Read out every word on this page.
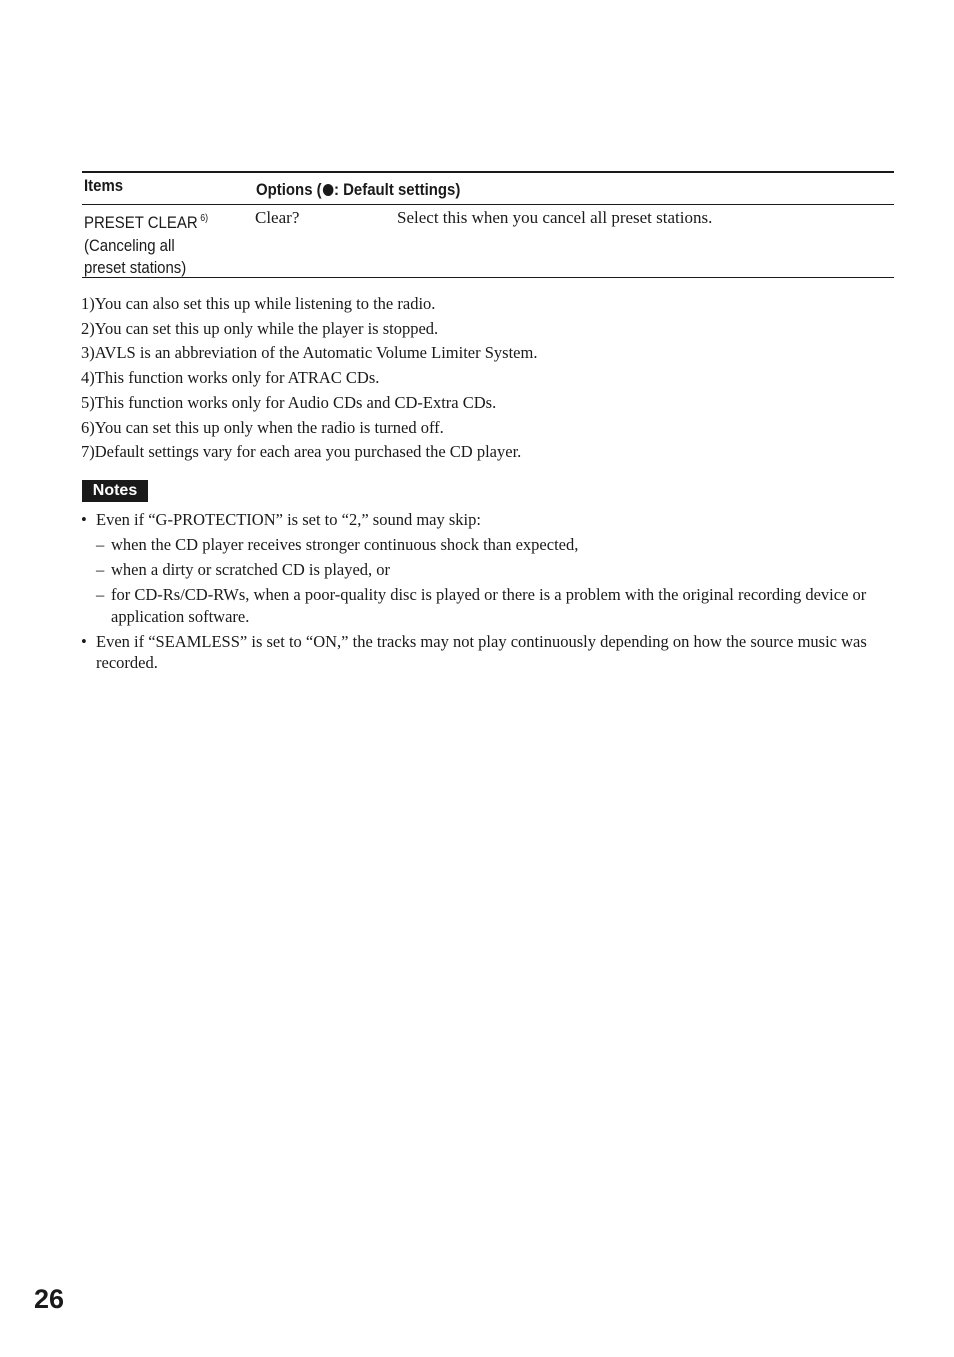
Items	Options ( : Default settings)
PRESET CLEAR $^{6)}$
(Canceling all
preset stations)
Clear?	Select this when you cancel all preset stations.
1)You can also set this up while listening to the radio.
2)You can set this up only while the player is stopped.
3)AVLS is an abbreviation of the Automatic Volume Limiter System.
4)This function works only for ATRAC CDs.
5)This function works only for Audio CDs and CD-Extra CDs.
6)You can set this up only when the radio is turned off.
7)Default settings vary for each area you purchased the CD player.
Notes
• Even if “G-PROTECTION” is set to “2,” sound may skip:
– when the CD player receives stronger continuous shock than expected,
– when a dirty or scratched CD is played, or
– for CD-Rs/CD-RWs, when a poor-quality disc is played or there is a problem with the original recording device or application software.
• Even if “SEAMLESS” is set to “ON,” the tracks may not play continuously depending on how the source music was recorded.
26
